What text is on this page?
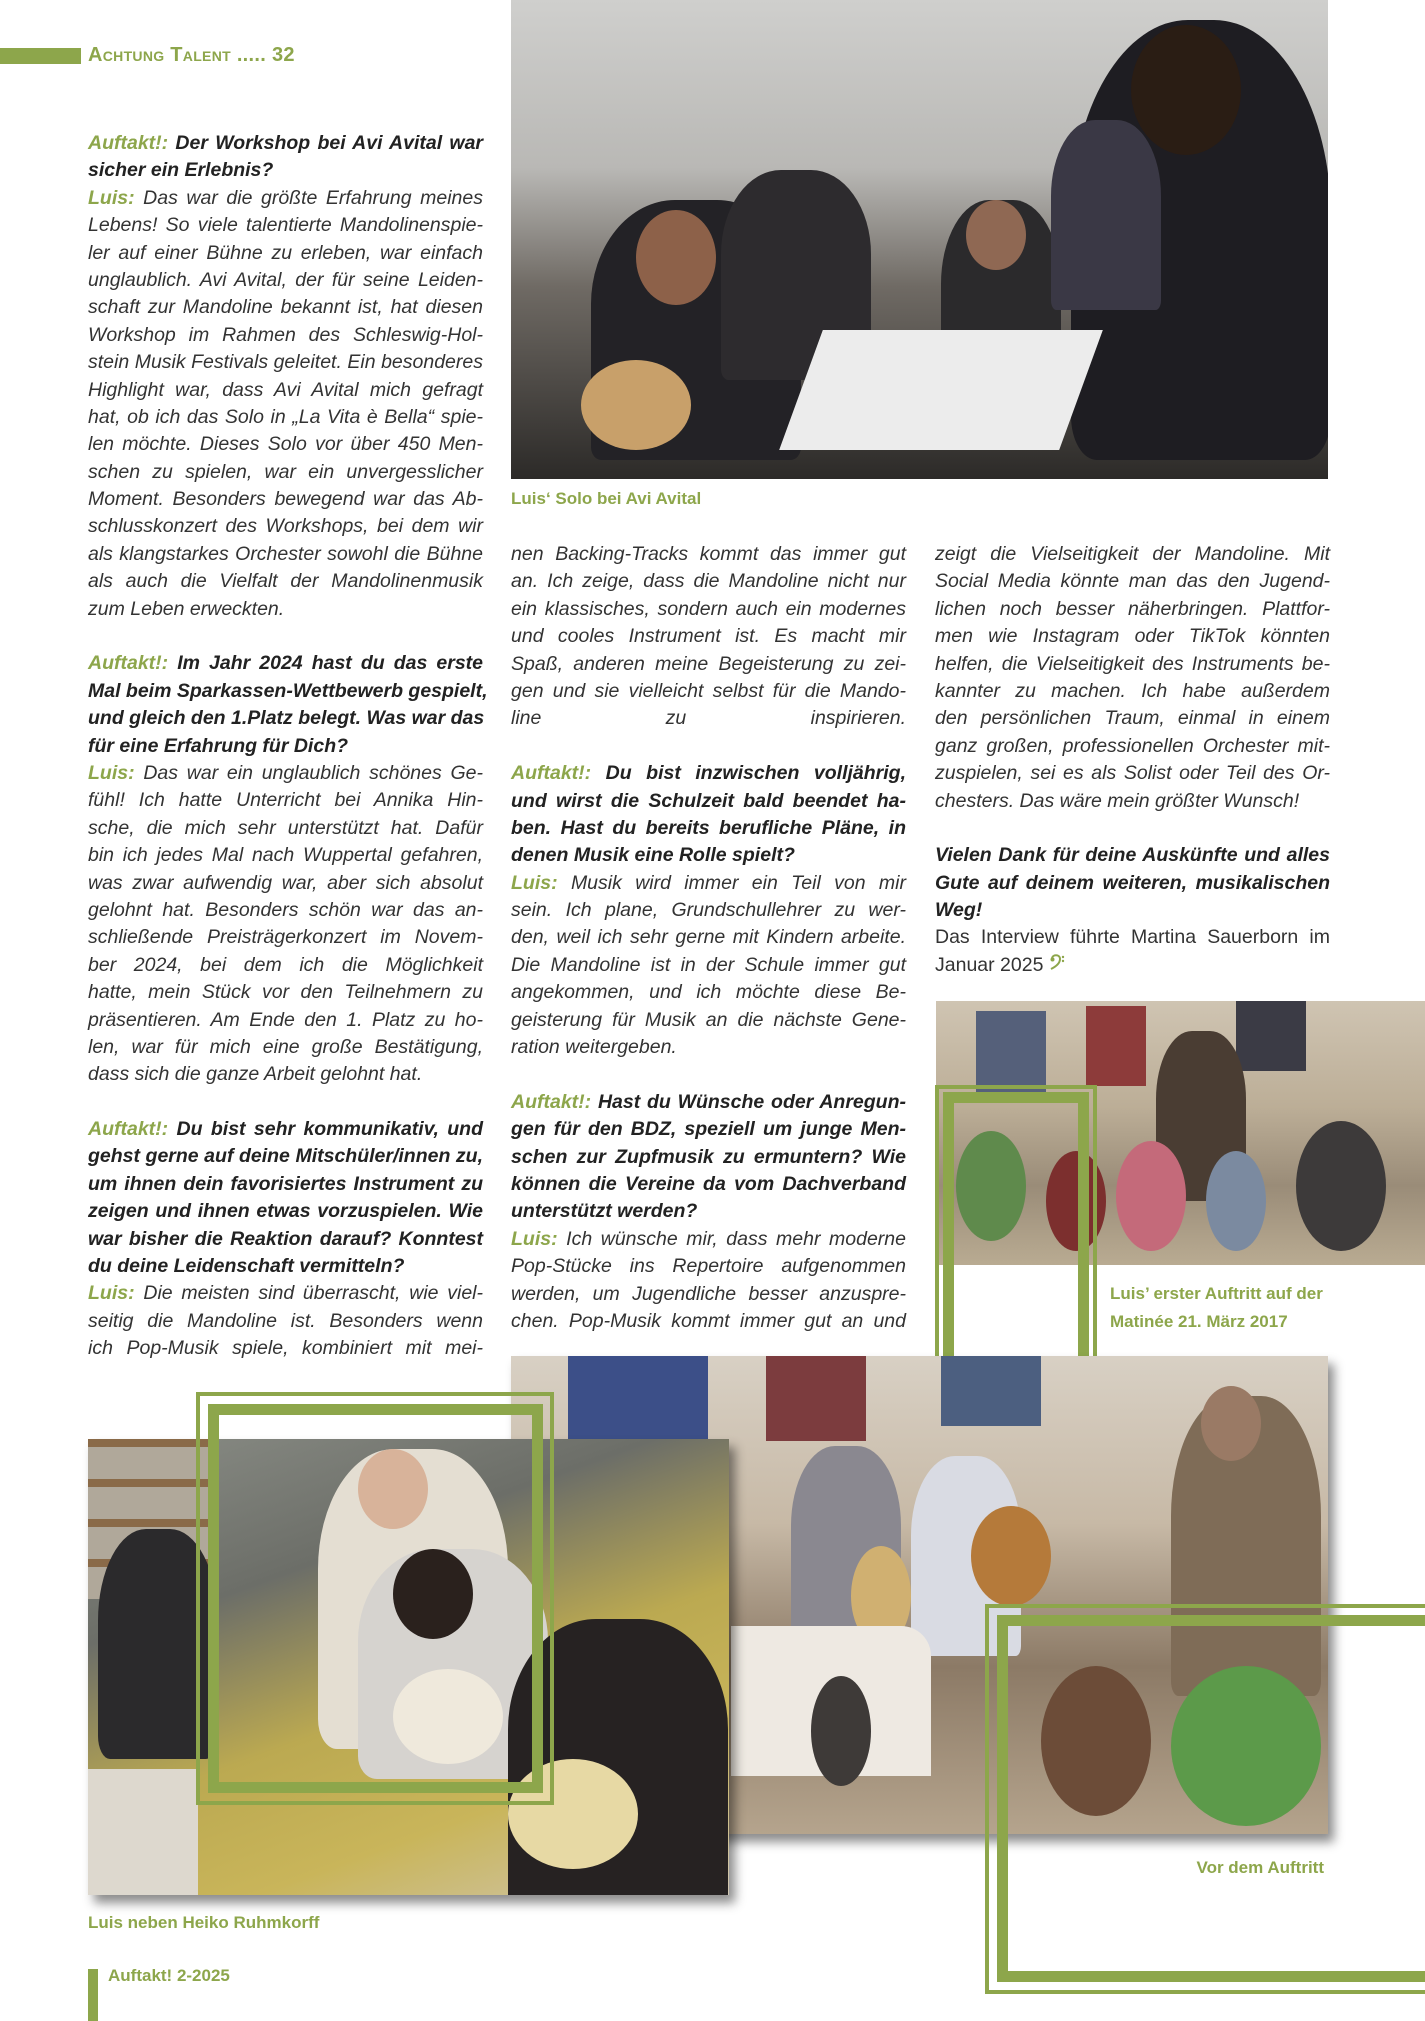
Achtung Talent ..... 32
Luis‘ Solo bei Avi Avital
Auftakt!: Der Workshop bei Avi Avital war
sicher ein Erlebnis?
Luis: Das war die größte Erfahrung meines
Lebens! So viele talentierte Mandolinenspie-
ler auf einer Bühne zu erleben, war einfach
unglaublich. Avi Avital, der für seine Leiden-
schaft zur Mandoline bekannt ist, hat diesen
Workshop im Rahmen des Schleswig-Hol-
stein Musik Festivals geleitet. Ein besonderes
Highlight war, dass Avi Avital mich gefragt
hat, ob ich das Solo in „La Vita è Bella“ spie-
len möchte. Dieses Solo vor über 450 Men-
schen zu spielen, war ein unvergesslicher
Moment. Besonders bewegend war das Ab-
schlusskonzert des Workshops, bei dem wir
als klangstarkes Orchester sowohl die Bühne
als auch die Vielfalt der Mandolinenmusik
zum Leben erweckten.
Auftakt!: Im Jahr 2024 hast du das erste
Mal beim Sparkassen-Wettbewerb gespielt,
und gleich den 1.Platz belegt. Was war das
für eine Erfahrung für Dich?
Luis: Das war ein unglaublich schönes Ge-
fühl! Ich hatte Unterricht bei Annika Hin-
sche, die mich sehr unterstützt hat. Dafür
bin ich jedes Mal nach Wuppertal gefahren,
was zwar aufwendig war, aber sich absolut
gelohnt hat. Besonders schön war das an-
schließende Preisträgerkonzert im Novem-
ber 2024, bei dem ich die Möglichkeit
hatte, mein Stück vor den Teilnehmern zu
präsentieren. Am Ende den 1. Platz zu ho-
len, war für mich eine große Bestätigung,
dass sich die ganze Arbeit gelohnt hat.
Auftakt!: Du bist sehr kommunikativ, und
gehst gerne auf deine Mitschüler/innen zu,
um ihnen dein favorisiertes Instrument zu
zeigen und ihnen etwas vorzuspielen. Wie
war bisher die Reaktion darauf? Konntest
du deine Leidenschaft vermitteln?
Luis: Die meisten sind überrascht, wie viel-
seitig die Mandoline ist. Besonders wenn
ich Pop-Musik spiele, kombiniert mit mei-
nen Backing-Tracks kommt das immer gut
an. Ich zeige, dass die Mandoline nicht nur
ein klassisches, sondern auch ein modernes
und cooles Instrument ist. Es macht mir
Spaß, anderen meine Begeisterung zu zei-
gen und sie vielleicht selbst für die Mando-
line zu inspirieren.
Auftakt!: Du bist inzwischen volljährig,
und wirst die Schulzeit bald beendet ha-
ben. Hast du bereits berufliche Pläne, in
denen Musik eine Rolle spielt?
Luis: Musik wird immer ein Teil von mir
sein. Ich plane, Grundschullehrer zu wer-
den, weil ich sehr gerne mit Kindern arbeite.
Die Mandoline ist in der Schule immer gut
angekommen, und ich möchte diese Be-
geisterung für Musik an die nächste Gene-
ration weitergeben.
Auftakt!: Hast du Wünsche oder Anregun-
gen für den BDZ, speziell um junge Men-
schen zur Zupfmusik zu ermuntern? Wie
können die Vereine da vom Dachverband
unterstützt werden?
Luis: Ich wünsche mir, dass mehr moderne
Pop-Stücke ins Repertoire aufgenommen
werden, um Jugendliche besser anzuspre-
chen. Pop-Musik kommt immer gut an und
zeigt die Vielseitigkeit der Mandoline. Mit
Social Media könnte man das den Jugend-
lichen noch besser näherbringen. Plattfor-
men wie Instagram oder TikTok könnten
helfen, die Vielseitigkeit des Instruments be-
kannter zu machen. Ich habe außerdem
den persönlichen Traum, einmal in einem
ganz großen, professionellen Orchester mit-
zuspielen, sei es als Solist oder Teil des Or-
chesters. Das wäre mein größter Wunsch!
Vielen Dank für deine Auskünfte und alles
Gute auf deinem weiteren, musikalischen
Weg!
Das Interview führte Martina Sauerborn im
Januar 2025
Luis’ erster Auftritt auf der
Matinée 21. März 2017
Vor dem Auftritt
Luis neben Heiko Ruhmkorff
Auftakt! 2-2025
